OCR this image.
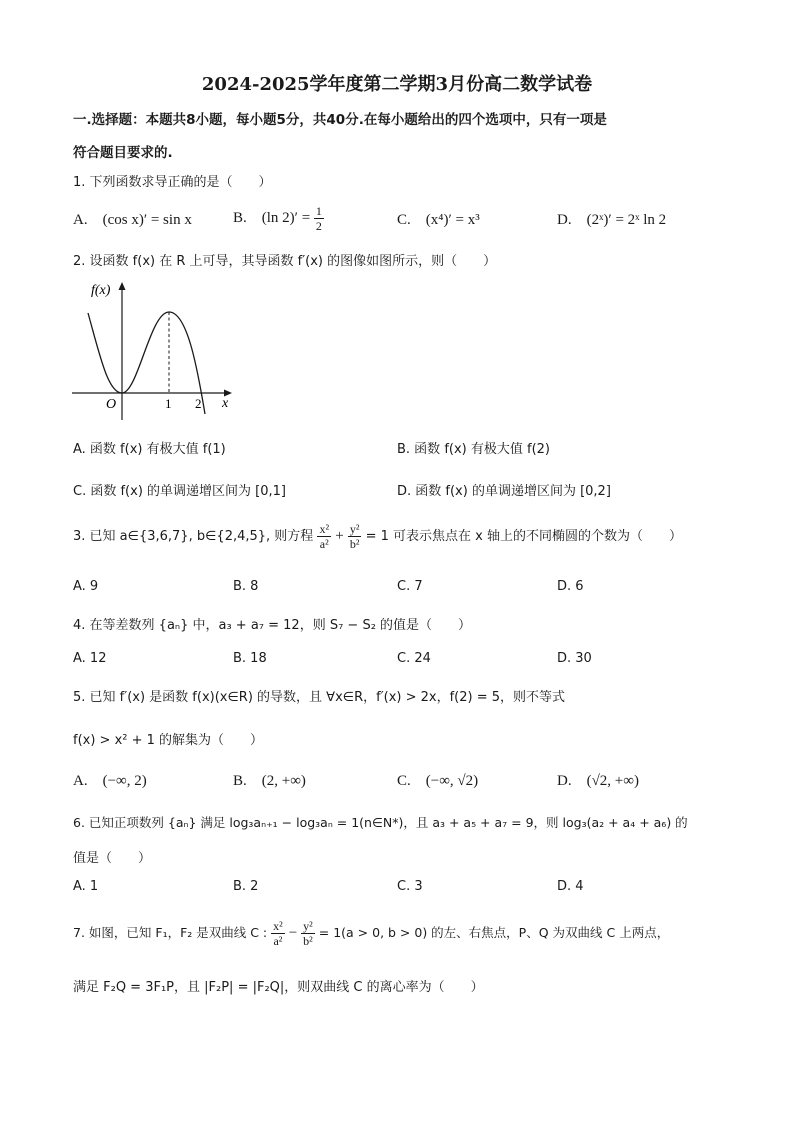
2024-2025学年度第二学期3月份高二数学试卷
一.选择题：本题共8小题，每小题5分，共40分.在每小题给出的四个选项中，只有一项是
符合题目要求的.
1. 下列函数求导正确的是（　　）
A.　(cos x)′ = sin x	B.　(ln $2)' = \frac{1}{2}$	C.　(x⁴)′ = x³	D.　(2ˣ)′ = 2ˣ ln 2
2. 设函数 f(x) 在 R 上可导，其导函数 f′(x) 的图像如图所示，则（　　）
f(x)
O	1 2 x
A. 函数 f(x) 有极大值 f(1)	B. 函数 f(x) 有极大值 f(2)
C. 函数 f(x) 的单调递增区间为 [0,1]	D. 函数 f(x) 的单调递增区间为 [0,2]
3. 已知 a∈{3,6,7}, b∈{2,4,5}, 则方程 $\frac{\text{x²}}{\text{a²}} + \frac{\text{y²}}{\text{b²}} = 1$ 可表示焦点在 x 轴上的不同椭圆的个数为（　　）
A. 9	B. 8	C. 7	D. 6
4. 在等差数列 {aₙ} 中，a₃ + a₇ = 12，则 S₇ − S₂ 的值是（　　）
A. 12	B. 18	C. 24	D. 30
5. 已知 f′(x) 是函数 f(x)(x∈R) 的导数，且 ∀x∈R，f′(x) > 2x，f(2) = 5，则不等式
f(x) > x² + 1 的解集为（　　）
A.　(−∞, 2)	B.　(2, +∞)	C.　(−∞, √2)	D.　(√2, +∞)
6. 已知正项数列 {aₙ} 满足 log₃aₙ₊₁ − log₃aₙ = 1(n∈N*)，且 a₃ + a₅ + a₇ = 9，则 log₃(a₂ + a₄ + a₆) 的
值是（　　）
A. 1	B. 2	C. 3	D. 4
7. 如图，已知 F₁，F₂ 是双曲线 C : $\frac{\text{x²}}{\text{a²}} - \frac{\text{y²}}{\text{b²}} = 1(a > 0$, b > 0) 的左、右焦点，P、Q 为双曲线 C 上两点，
满足 F₂Q = 3F₁P，且 |F₂P| = |F₂Q|，则双曲线 C 的离心率为（　　）
